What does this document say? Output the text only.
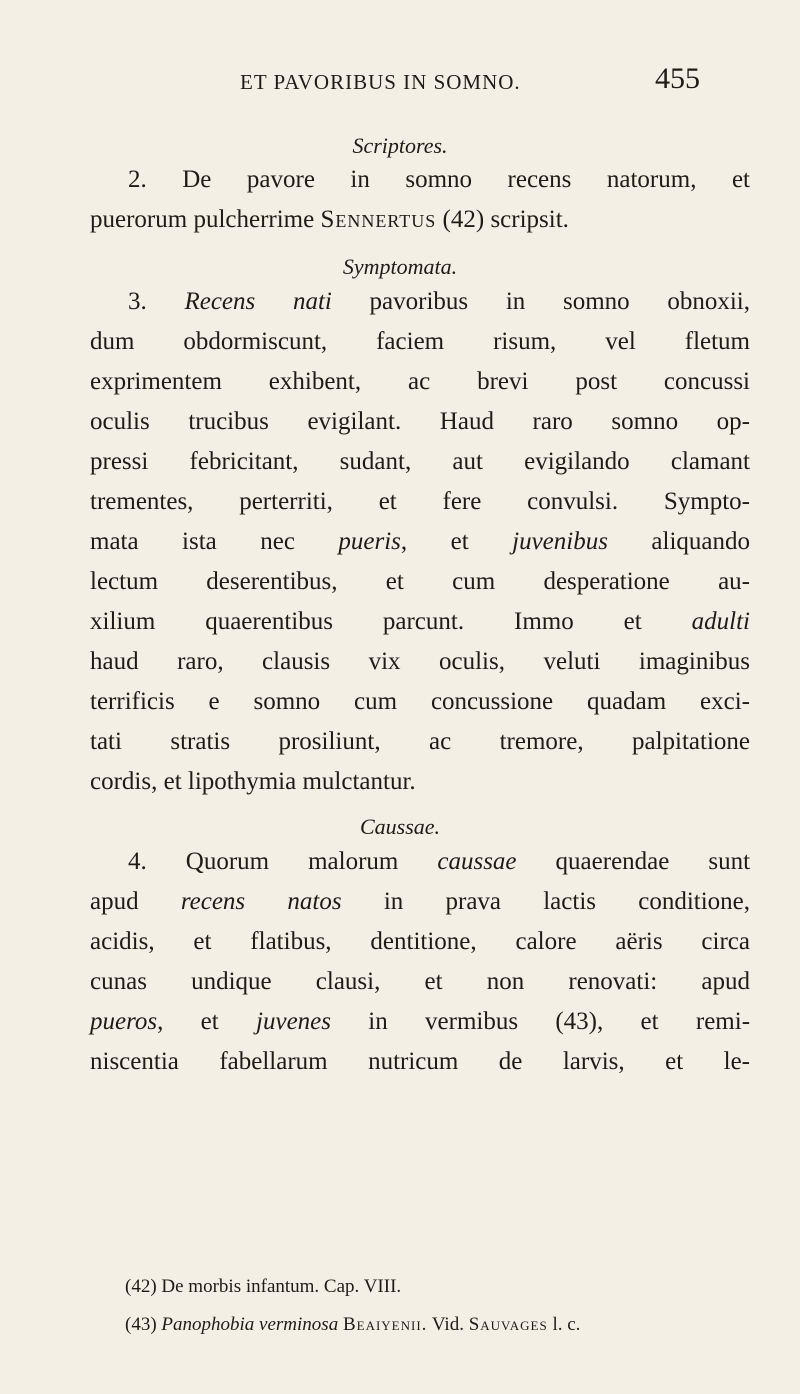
ET PAVORIBUS IN SOMNO.	455
Scriptores.
2. De pavore in somno recens natorum, et
puerorum pulcherrime Sennertus (42) scripsit.
Symptomata.
3. Recens nati pavoribus in somno obnoxii,
dum obdormiscunt, faciem risum, vel fletum
exprimentem exhibent, ac brevi post concussi
oculis trucibus evigilant. Haud raro somno op-
pressi febricitant, sudant, aut evigilando clamant
trementes, perterriti, et fere convulsi. Sympto-
mata ista nec pueris, et juvenibus aliquando
lectum deserentibus, et cum desperatione au-
xilium quaerentibus parcunt. Immo et adulti
haud raro, clausis vix oculis, veluti imaginibus
terrificis e somno cum concussione quadam exci-
tati stratis prosiliunt, ac tremore, palpitatione
cordis, et lipothymia mulctantur.
Caussae.
4. Quorum malorum caussae quaerendae sunt
apud recens natos in prava lactis conditione,
acidis, et flatibus, dentitione, calore aëris circa
cunas undique clausi, et non renovati: apud
pueros, et juvenes in vermibus (43), et remi-
niscentia fabellarum nutricum de larvis, et le-
(42) De morbis infantum. Cap. VIII.
(43) Panophobia verminosa Beaiyenii. Vid. Sauvages l. c.
